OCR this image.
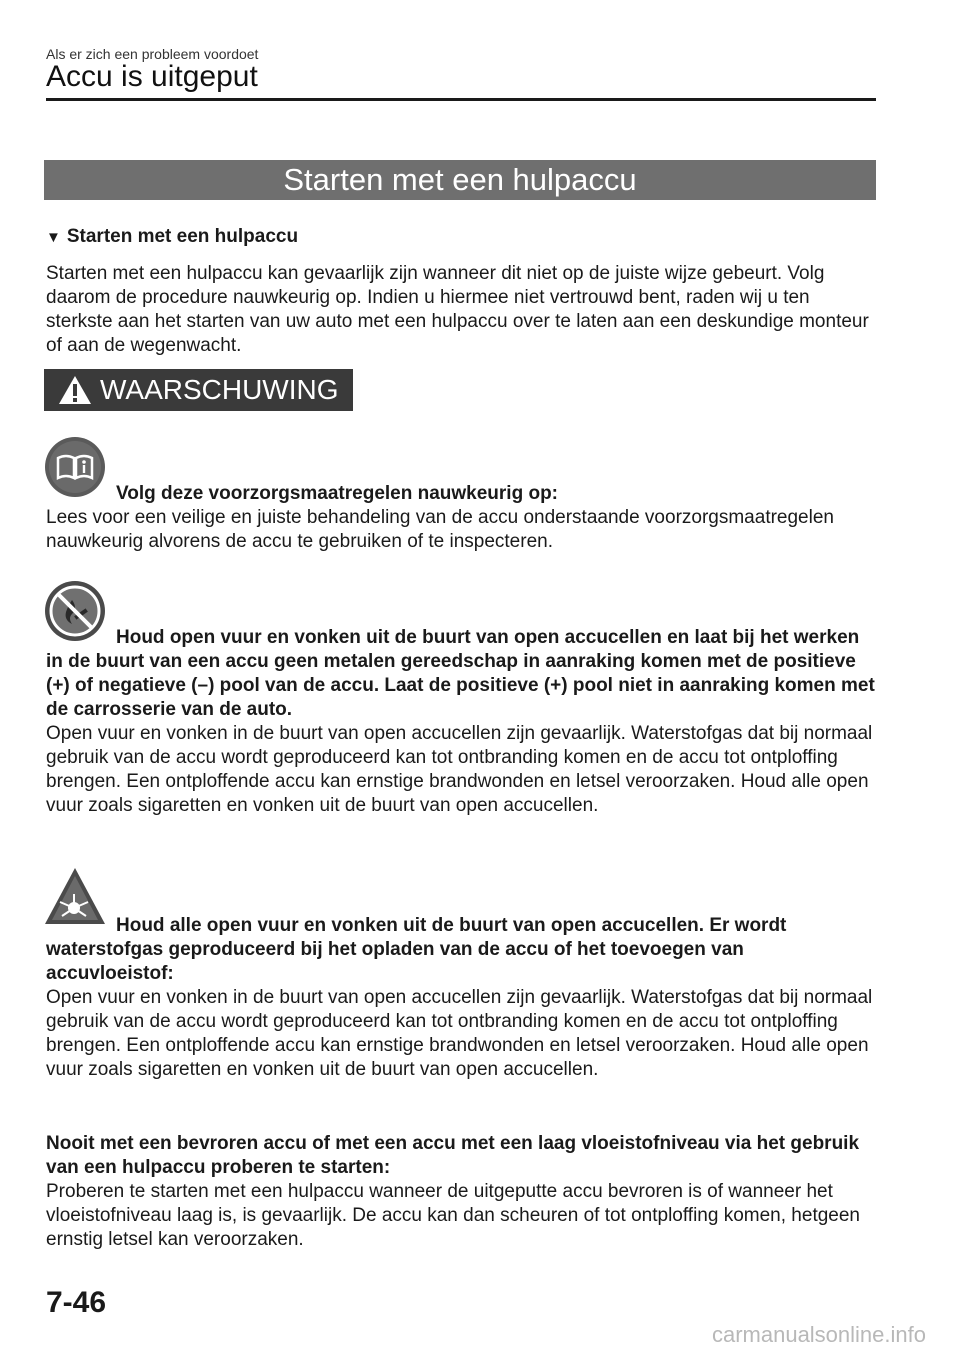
Als er zich een probleem voordoet
Accu is uitgeput
Starten met een hulpaccu
▼ Starten met een hulpaccu

Starten met een hulpaccu kan gevaarlijk zijn wanneer dit niet op de juiste wijze gebeurt. Volg daarom de procedure nauwkeurig op. Indien u hiermee niet vertrouwd bent, raden wij u ten sterkste aan het starten van uw auto met een hulpaccu over te laten aan een deskundige monteur of aan de wegenwacht.

WAARSCHUWING

Volg deze voorzorgsmaatregelen nauwkeurig op:
Lees voor een veilige en juiste behandeling van de accu onderstaande voorzorgsmaatregelen nauwkeurig alvorens de accu te gebruiken of te inspecteren.

Houd open vuur en vonken uit de buurt van open accucellen en laat bij het werken in de buurt van een accu geen metalen gereedschap in aanraking komen met de positieve (+) of negatieve (–) pool van de accu. Laat de positieve (+) pool niet in aanraking komen met de carrosserie van de auto.
Open vuur en vonken in de buurt van open accucellen zijn gevaarlijk. Waterstofgas dat bij normaal gebruik van de accu wordt geproduceerd kan tot ontbranding komen en de accu tot ontploffing brengen. Een ontploffende accu kan ernstige brandwonden en letsel veroorzaken. Houd alle open vuur zoals sigaretten en vonken uit de buurt van open accucellen.

Houd alle open vuur en vonken uit de buurt van open accucellen. Er wordt waterstofgas geproduceerd bij het opladen van de accu of het toevoegen van accuvloeistof:
Open vuur en vonken in de buurt van open accucellen zijn gevaarlijk. Waterstofgas dat bij normaal gebruik van de accu wordt geproduceerd kan tot ontbranding komen en de accu tot ontploffing brengen. Een ontploffende accu kan ernstige brandwonden en letsel veroorzaken. Houd alle open vuur zoals sigaretten en vonken uit de buurt van open accucellen.

Nooit met een bevroren accu of met een accu met een laag vloeistofniveau via het gebruik van een hulpaccu proberen te starten:
Proberen te starten met een hulpaccu wanneer de uitgeputte accu bevroren is of wanneer het vloeistofniveau laag is, is gevaarlijk. De accu kan dan scheuren of tot ontploffing komen, hetgeen ernstig letsel kan veroorzaken.

7-46
carmanualsonline.info
